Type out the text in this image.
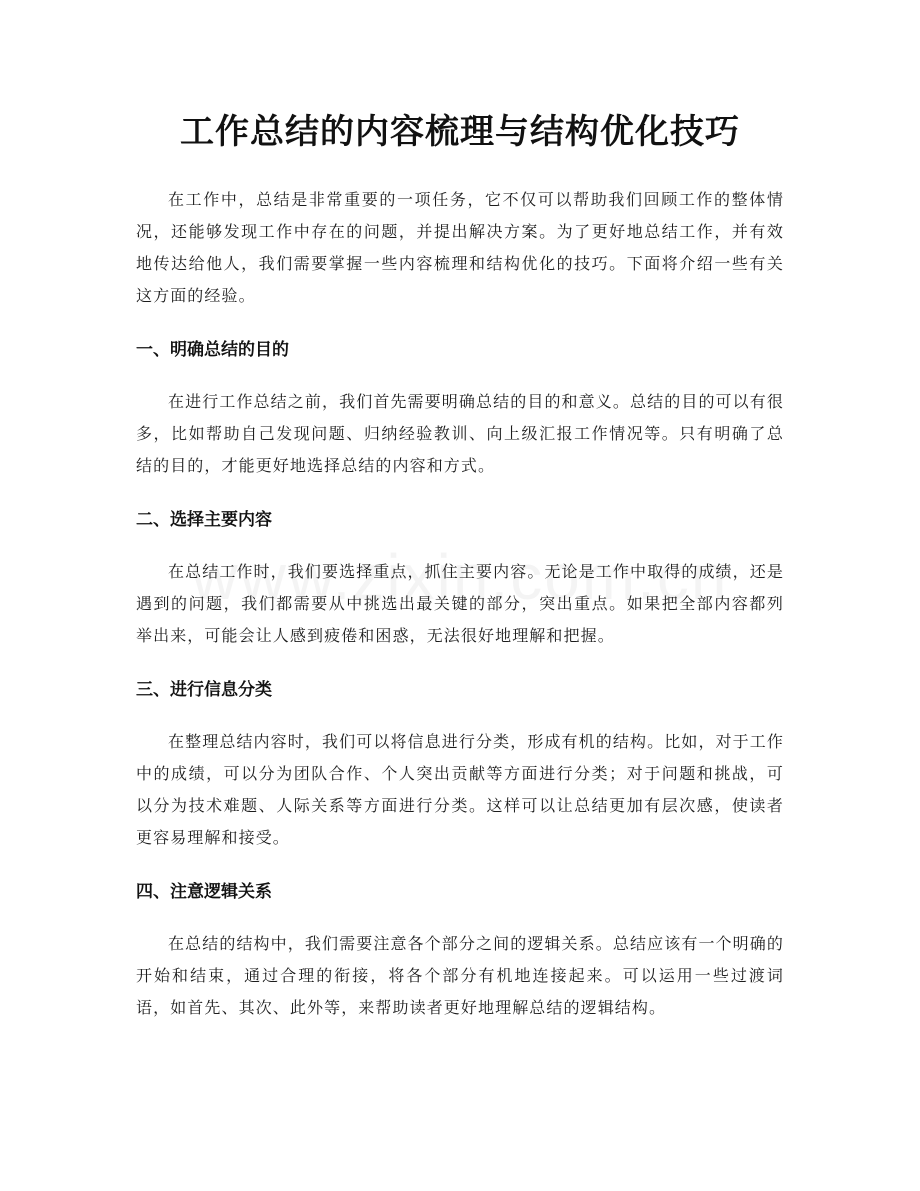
工作总结的内容梳理与结构优化技巧

在工作中，总结是非常重要的一项任务，它不仅可以帮助我们回顾工作的整体情况，还能够发现工作中存在的问题，并提出解决方案。为了更好地总结工作，并有效地传达给他人，我们需要掌握一些内容梳理和结构优化的技巧。下面将介绍一些有关这方面的经验。

一、明确总结的目的

在进行工作总结之前，我们首先需要明确总结的目的和意义。总结的目的可以有很多，比如帮助自己发现问题、归纳经验教训、向上级汇报工作情况等。只有明确了总结的目的，才能更好地选择总结的内容和方式。

二、选择主要内容

在总结工作时，我们要选择重点，抓住主要内容。无论是工作中取得的成绩，还是遇到的问题，我们都需要从中挑选出最关键的部分，突出重点。如果把全部内容都列举出来，可能会让人感到疲倦和困惑，无法很好地理解和把握。

三、进行信息分类

在整理总结内容时，我们可以将信息进行分类，形成有机的结构。比如，对于工作中的成绩，可以分为团队合作、个人突出贡献等方面进行分类；对于问题和挑战，可以分为技术难题、人际关系等方面进行分类。这样可以让总结更加有层次感，使读者更容易理解和接受。

四、注意逻辑关系

在总结的结构中，我们需要注意各个部分之间的逻辑关系。总结应该有一个明确的开始和结束，通过合理的衔接，将各个部分有机地连接起来。可以运用一些过渡词语，如首先、其次、此外等，来帮助读者更好地理解总结的逻辑结构。
